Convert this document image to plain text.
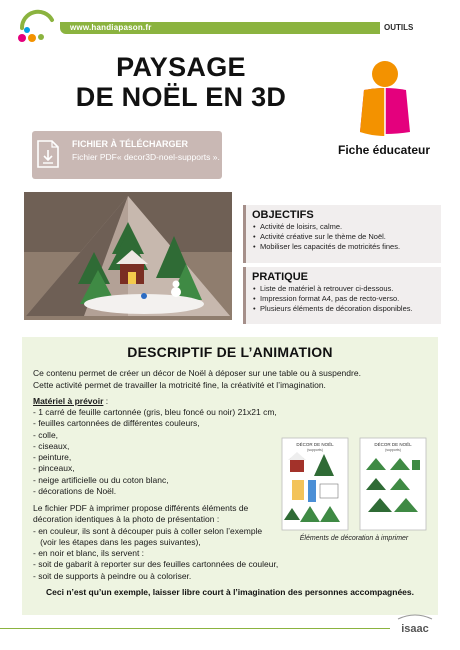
www.handiapason.fr	OUTILS
PAYSAGE
DE NOËL EN 3D
Fiche éducateur
FICHIER À TÉLÉCHARGER
Fichier PDF« decor3D-noel-supports ».
OBJECTIFS
• Activité de loisirs, calme.
• Activité créative sur le thème de Noël.
• Mobiliser les capacités de motricités fines.
PRATIQUE
• Liste de matériel à retrouver ci-dessous.
• Impression format A4, pas de recto-verso.
• Plusieurs éléments de décoration disponibles.
DESCRIPTIF DE L’ANIMATION
Ce contenu permet de créer un décor de Noël à déposer sur une table ou à suspendre.
Cette activité permet de travailler la motricité fine, la créativité et l’imagination.
Matériel à prévoir :
- 1 carré de feuille cartonnée (gris, bleu foncé ou noir) 21x21 cm,
- feuilles cartonnées de différentes couleurs,
- colle,
- ciseaux,
- peinture,
- pinceaux,
- neige artificielle ou du coton blanc,
- décorations de Noël.
Le fichier PDF à imprimer propose différents éléments de
décoration identiques à la photo de présentation :
- en couleur, ils sont à découper puis à coller selon l’exemple
(voir les étapes dans les pages suivantes),
- en noir et blanc, ils servent :
- soit de gabarit à reporter sur des feuilles cartonnées de couleur,
- soit de supports à peindre ou à coloriser.
DÉCOR DE NOËL
(supports)
DÉCOR DE NOËL
(supports)
Éléments de décoration à imprimer
Ceci n’est qu’un exemple, laisser libre court à l’imagination des personnes accompagnées.
isaac
